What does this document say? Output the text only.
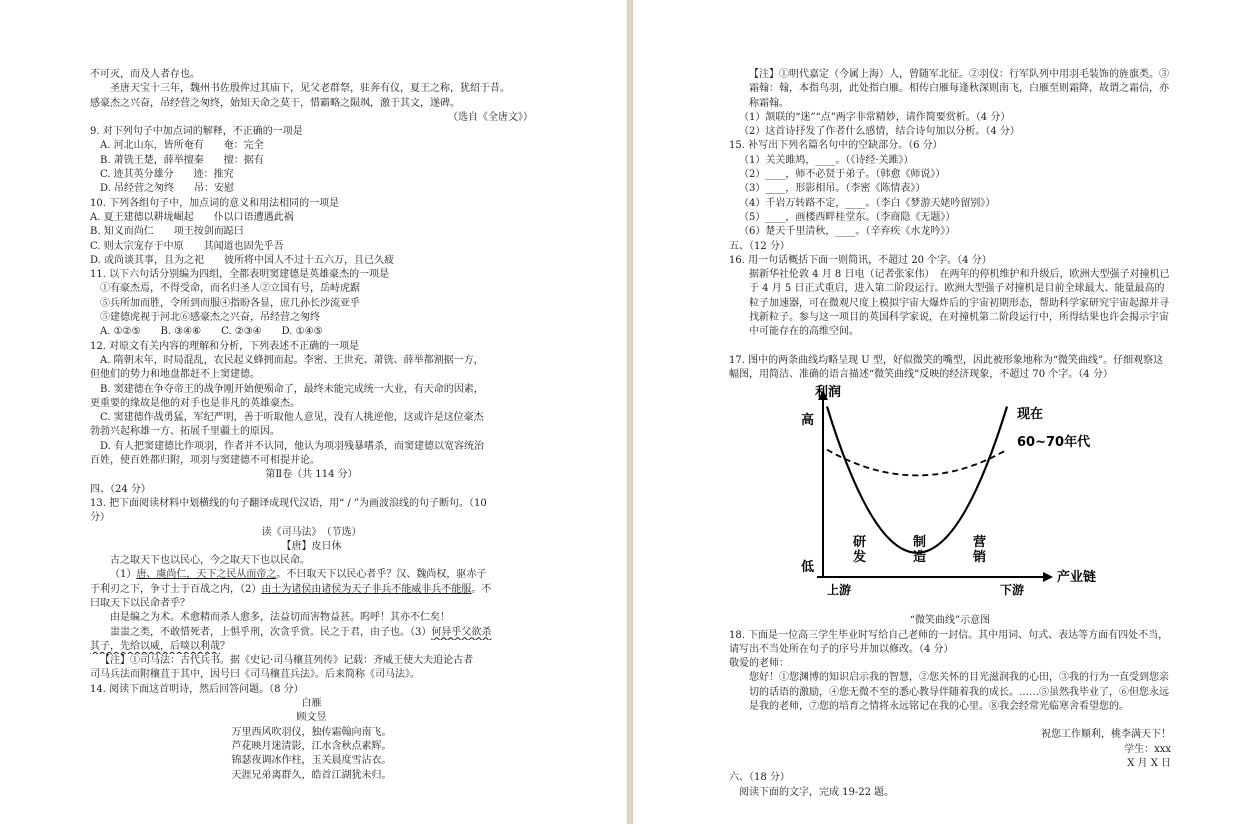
不可灭，而及人者存也。
圣唐天宝十三年，魏州书佐殷侔过其庙下，见父老群祭，驻奔有仪，夏王之称，犹绍于昔。
感豪杰之兴奋，吊经营之匆终，始知天命之莫干，惜霸略之陨飒，激于其文，遂碑。
（选自《全唐文》）
9. 对下列句子中加点词的解释，不正确的一项是
A. 河北山东，皆所奄有　　奄：完全
B. 萧铣王楚，薛举擅秦　　擅：据有
C. 迹其英分雄分　　迹：推究
D. 吊经营之匆终　　吊：安慰
10. 下列各组句子中，加点词的意义和用法相同的一项是
A. 夏王建德以耕垅崛起　　仆以口语遭遇此祸
B. 知义而尚仁　　项王按剑而跽曰
C. 则太宗宠存于中原　　其闻道也固先乎吾
D. 或尚谈其事，且为之祀　　彼所将中国人不过十五六万，且已久疲
11. 以下六句话分别编为四组，全都表明窦建德是英雄豪杰的一项是
①有豪杰焉，不得受命，而名归圣人②立国有号，岳峙虎踞
⑤兵所加而胜，令所到而服④指盼各显，庶几孙长沙流亚乎
⑤建德虎视于河北⑥感豪杰之兴奋，吊经营之匆终
A. ①②⑤　　B. ③④⑥　　C. ②③④　　D. ①④⑤
12. 对原文有关内容的理解和分析，下列表述不正确的一项是
A. 隋朝末年，时局混乱，农民起义蜂拥而起。李密、王世充、萧铣、薛举都割据一方，
但他们的势力和地盘都赶不上窦建德。
B. 窦建德在争夺帝王的战争刚开始便殒命了，最终未能完成统一大业，有天命的因素，
更重要的缘故是他的对手也是非凡的英雄豪杰。
C. 窦建德作战勇猛，军纪严明，善于听取他人意见，没有人挑逆他，这或许是这位豪杰
勃勃兴起称雄一方、拓展千里疆土的原因。
D. 有人把窦建德比作项羽，作者并不认同，他认为项羽残暴嗜杀，而窦建德以宽容统治
百姓，使百姓都归附，项羽与窦建德不可相提并论。
第Ⅱ卷（共 114 分）
四、（24 分）
13. 把下面阅读材料中划横线的句子翻译成现代汉语，用“ / ”为画波浪线的句子断句。（10
分）
读《司马法》　（节选）
【唐】皮日休
古之取天下也以民心，今之取天下也以民命。
（1）唐、虞尚仁，天下之民从而帝之。不曰取天下以民心者乎？汉、魏尚权，驱赤子
于利刃之下，争寸土于百战之内，（2）由士为诸侯由诸侯为天子非兵不能威非兵不能服。不
曰取天下以民命者乎？
由是编之为术。术愈精而杀人愈多，法益切而害物益甚。呜呼！其亦不仁矣！
蚩蚩之类，不敢惜死者，上惧乎刑，次贪乎赏。民之于君，由子也。（3）何异乎父欲杀
其子，先给以威，后啖以利哉？
【注】①司马法：古代兵书。据《史记·司马穰苴列传》记载：齐威王使大夫追论古者
司马兵法而附穰苴于其中，因号曰《司马穰苴兵法》。后来简称《司马法》。
14. 阅读下面这首明诗，然后回答问题。（8 分）
白雁
顾文昱
万里西风吹羽仪，独传霜翰向南飞。
芦花映月迷清影，江水含秋点素辉。
锦瑟夜调冰作柱，玉关晨度雪沾衣。
天涯兄弟离群久，皓首江湖犹未归。
【注】①明代嘉定（今属上海）人，曾随军北征。②羽仪：行军队列中用羽毛装饰的旌旗类。③霜翰：翰，本指鸟羽，此处指白雁。相传白雁每逢秋深则南飞，白雁至则霜降，故谓之霜信，亦称霜翰。
（1）颔联的“迷”“点”两字非常精妙，请作简要赏析。（4 分）
（2）这首诗抒发了作者什么感情，结合诗句加以分析。（4 分）
15. 补写出下列名篇名句中的空缺部分。（6 分）
（1）关关雎鸠，____。（《诗经·关雎》）
（2）____，师不必贤于弟子。（韩愈《师说》）
（3）____，形影相吊。（李密《陈情表》）
（4）千岩万转路不定，____。（李白《梦游天姥吟留别》）
（5）____，画楼西畔桂堂东。（李商隐《无题》）
（6）楚天千里清秋，____。（辛弃疾《水龙吟》）
五、（12 分）
16. 用一句话概括下面一则简讯，不超过 20 个字。（4 分）
据新华社伦敦 4 月 8 日电（记者张家伟）　在两年的停机维护和升级后，欧洲大型强子对撞机已于 4 月 5 日正式重启，进入第二阶段运行。欧洲大型强子对撞机是目前全球最大、能量最高的粒子加速器，可在微观尺度上模拟宇宙大爆炸后的宇宙初期形态，帮助科学家研究宇宙起源并寻找新粒子。参与这一项目的英国科学家说，在对撞机第二阶段运行中，所得结果也许会揭示宇宙中可能存在的高维空间。
17. 图中的两条曲线均略呈现 U 型，好似微笑的嘴型，因此被形象地称为“微笑曲线”。仔细观察这幅图，用简洁、准确的语言描述“微笑曲线”反映的经济现象，不超过 70 个字。（4 分）
利润
高
低
产业链
上游	下游
现在
60~70年代
研发
制造
营销
“微笑曲线”示意图
18. 下面是一位高三学生毕业时写给自己老师的一封信。其中用词、句式、表达等方面有四处不当，请写出不当处所在句子的序号并加以修改。（4 分）
敬爱的老师：
您好！①您渊博的知识启示我的智慧，②您关怀的目光滋润我的心田，③我的行为一直受到您亲切的话语的激励，④您无微不至的悉心教导伴随着我的成长。……⑤虽然我毕业了，⑥但您永远是我的老师，⑦您的培育之情将永远铭记在我的心里。⑧我会经常光临寒舍看望您的。
祝您工作顺利，桃李满天下！
学生：xxx
X 月 X 日
六、（18 分）
阅读下面的文字，完成 19-22 题。
